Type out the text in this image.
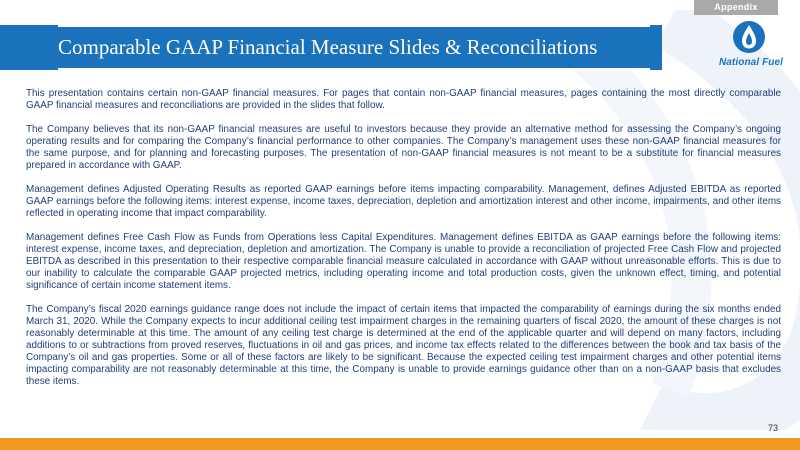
Appendix
Comparable GAAP Financial Measure Slides & Reconciliations
National Fuel

This presentation contains certain non-GAAP financial measures. For pages that contain non-GAAP financial measures, pages containing the most directly comparable GAAP financial measures and reconciliations are provided in the slides that follow.

The Company believes that its non-GAAP financial measures are useful to investors because they provide an alternative method for assessing the Company’s ongoing operating results and for comparing the Company’s financial performance to other companies. The Company’s management uses these non-GAAP financial measures for the same purpose, and for planning and forecasting purposes. The presentation of non-GAAP financial measures is not meant to be a substitute for financial measures prepared in accordance with GAAP.

Management defines Adjusted Operating Results as reported GAAP earnings before items impacting comparability. Management, defines Adjusted EBITDA as reported GAAP earnings before the following items: interest expense, income taxes, depreciation, depletion and amortization interest and other income, impairments, and other items reflected in operating income that impact comparability.

Management defines Free Cash Flow as Funds from Operations less Capital Expenditures. Management defines EBITDA as GAAP earnings before the following items: interest expense, income taxes, and depreciation, depletion and amortization. The Company is unable to provide a reconciliation of projected Free Cash Flow and projected EBITDA as described in this presentation to their respective comparable financial measure calculated in accordance with GAAP without unreasonable efforts. This is due to our inability to calculate the comparable GAAP projected metrics, including operating income and total production costs, given the unknown effect, timing, and potential significance of certain income statement items.

The Company’s fiscal 2020 earnings guidance range does not include the impact of certain items that impacted the comparability of earnings during the six months ended March 31, 2020. While the Company expects to incur additional ceiling test impairment charges in the remaining quarters of fiscal 2020, the amount of these charges is not reasonably determinable at this time. The amount of any ceiling test charge is determined at the end of the applicable quarter and will depend on many factors, including additions to or subtractions from proved reserves, fluctuations in oil and gas prices, and income tax effects related to the differences between the book and tax basis of the Company’s oil and gas properties. Some or all of these factors are likely to be significant. Because the expected ceiling test impairment charges and other potential items impacting comparability are not reasonably determinable at this time, the Company is unable to provide earnings guidance other than on a non-GAAP basis that excludes these items.

73
